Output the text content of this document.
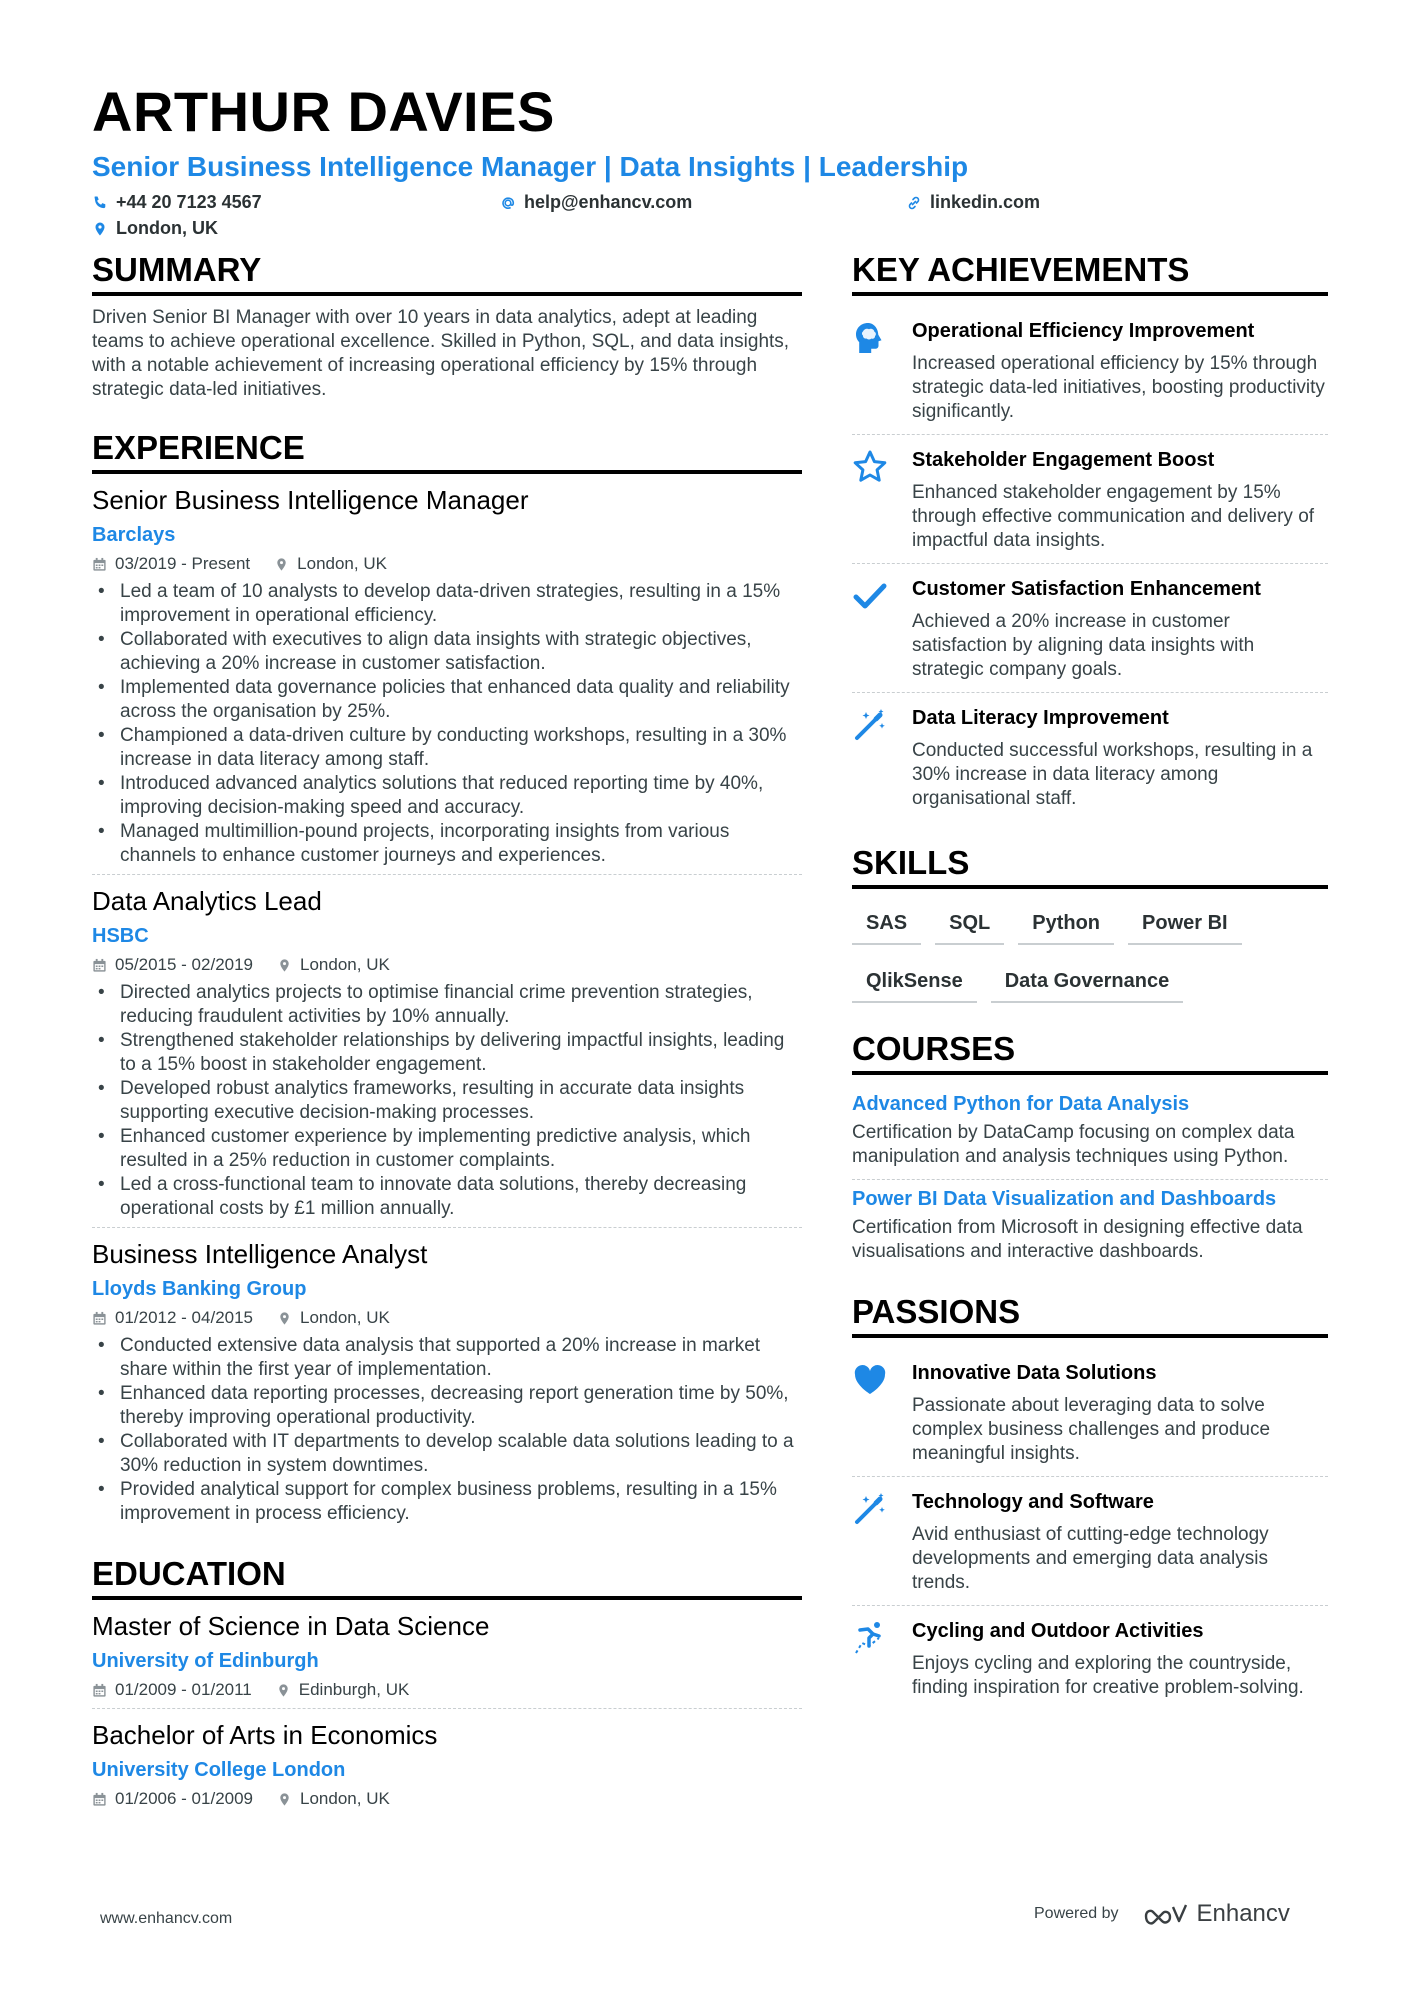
ARTHUR DAVIES
Senior Business Intelligence Manager | Data Insights | Leadership
+44 20 7123 4567	help@enhancv.com	linkedin.com
London, UK
SUMMARY
Driven Senior BI Manager with over 10 years in data analytics, adept at leading teams to achieve operational excellence. Skilled in Python, SQL, and data insights, with a notable achievement of increasing operational efficiency by 15% through strategic data-led initiatives.
EXPERIENCE
Senior Business Intelligence Manager
Barclays
03/2019 - Present	London, UK
• Led a team of 10 analysts to develop data-driven strategies, resulting in a 15% improvement in operational efficiency.
• Collaborated with executives to align data insights with strategic objectives, achieving a 20% increase in customer satisfaction.
• Implemented data governance policies that enhanced data quality and reliability across the organisation by 25%.
• Championed a data-driven culture by conducting workshops, resulting in a 30% increase in data literacy among staff.
• Introduced advanced analytics solutions that reduced reporting time by 40%, improving decision-making speed and accuracy.
• Managed multimillion-pound projects, incorporating insights from various channels to enhance customer journeys and experiences.
Data Analytics Lead
HSBC
05/2015 - 02/2019	London, UK
• Directed analytics projects to optimise financial crime prevention strategies, reducing fraudulent activities by 10% annually.
• Strengthened stakeholder relationships by delivering impactful insights, leading to a 15% boost in stakeholder engagement.
• Developed robust analytics frameworks, resulting in accurate data insights supporting executive decision-making processes.
• Enhanced customer experience by implementing predictive analysis, which resulted in a 25% reduction in customer complaints.
• Led a cross-functional team to innovate data solutions, thereby decreasing operational costs by £1 million annually.
Business Intelligence Analyst
Lloyds Banking Group
01/2012 - 04/2015	London, UK
• Conducted extensive data analysis that supported a 20% increase in market share within the first year of implementation.
• Enhanced data reporting processes, decreasing report generation time by 50%, thereby improving operational productivity.
• Collaborated with IT departments to develop scalable data solutions leading to a 30% reduction in system downtimes.
• Provided analytical support for complex business problems, resulting in a 15% improvement in process efficiency.
EDUCATION
Master of Science in Data Science
University of Edinburgh
01/2009 - 01/2011	Edinburgh, UK
Bachelor of Arts in Economics
University College London
01/2006 - 01/2009	London, UK
KEY ACHIEVEMENTS
Operational Efficiency Improvement
Increased operational efficiency by 15% through strategic data-led initiatives, boosting productivity significantly.
Stakeholder Engagement Boost
Enhanced stakeholder engagement by 15% through effective communication and delivery of impactful data insights.
Customer Satisfaction Enhancement
Achieved a 20% increase in customer satisfaction by aligning data insights with strategic company goals.
Data Literacy Improvement
Conducted successful workshops, resulting in a 30% increase in data literacy among organisational staff.
SKILLS
SAS	SQL	Python	Power BI
QlikSense	Data Governance
COURSES
Advanced Python for Data Analysis
Certification by DataCamp focusing on complex data manipulation and analysis techniques using Python.
Power BI Data Visualization and Dashboards
Certification from Microsoft in designing effective data visualisations and interactive dashboards.
PASSIONS
Innovative Data Solutions
Passionate about leveraging data to solve complex business challenges and produce meaningful insights.
Technology and Software
Avid enthusiast of cutting-edge technology developments and emerging data analysis trends.
Cycling and Outdoor Activities
Enjoys cycling and exploring the countryside, finding inspiration for creative problem-solving.
www.enhancv.com	Powered by	Enhancv
